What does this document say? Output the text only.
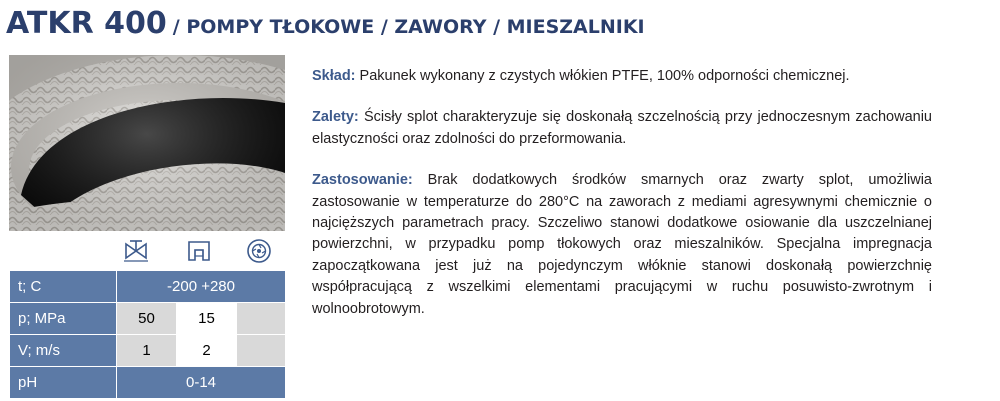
ATKR 400 / POMPY TŁOKOWE / ZAWORY / MIESZALNIKI
t; C	-200 +280		
p; MPa	50	15	
V; m/s	1	2	
pH	0-14		

Skład: Pakunek wykonany z czystych włókien PTFE, 100% odporności chemicznej.

Zalety: Ścisły splot charakteryzuje się doskonałą szczelnością przy jednoczesnym zachowaniu elastyczności oraz zdolności do przeformowania.

Zastosowanie: Brak dodatkowych środków smarnych oraz zwarty splot, umożliwia zastosowanie w temperaturze do 280°C na zaworach z mediami agresywnymi chemicznie o najcięższych parametrach pracy. Szczeliwo stanowi dodatkowe osiowanie dla uszczelnianej powierzchni, w przypadku pomp tłokowych oraz mieszalników. Specjalna impregnacja zapoczątkowana jest już na pojedynczym włóknie stanowi doskonałą powierzchnię współpracującą z wszelkimi elementami pracującymi w ruchu posuwisto-zwrotnym i wolnoobrotowym.
